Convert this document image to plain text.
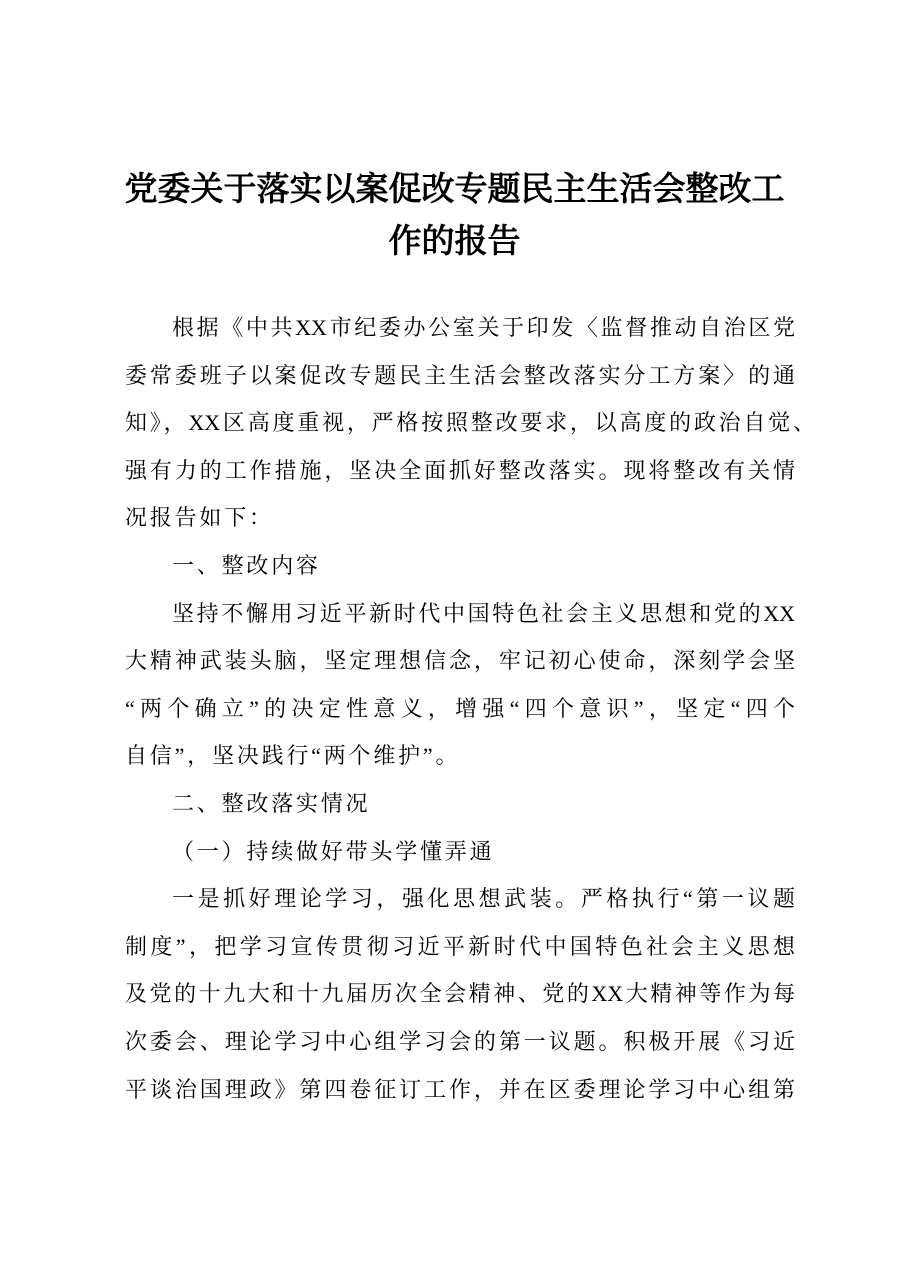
党委关于落实以案促改专题民主生活会整改工
作的报告
根据《中共XX市纪委办公室关于印发〈监督推动自治区党
委常委班子以案促改专题民主生活会整改落实分工方案〉的通
知》，XX区高度重视，严格按照整改要求，以高度的政治自觉、
强有力的工作措施，坚决全面抓好整改落实。现将整改有关情
况报告如下：
一、整改内容
坚持不懈用习近平新时代中国特色社会主义思想和党的XX
大精神武装头脑，坚定理想信念，牢记初心使命，深刻学会坚
“两个确立”的决定性意义，增强“四个意识”，坚定“四个
自信”，坚决践行“两个维护”。
二、整改落实情况
（一）持续做好带头学懂弄通
一是抓好理论学习，强化思想武装。严格执行“第一议题
制度”，把学习宣传贯彻习近平新时代中国特色社会主义思想
及党的十九大和十九届历次全会精神、党的XX大精神等作为每
次委会、理论学习中心组学习会的第一议题。积极开展《习近
平谈治国理政》第四卷征订工作，并在区委理论学习中心组第
